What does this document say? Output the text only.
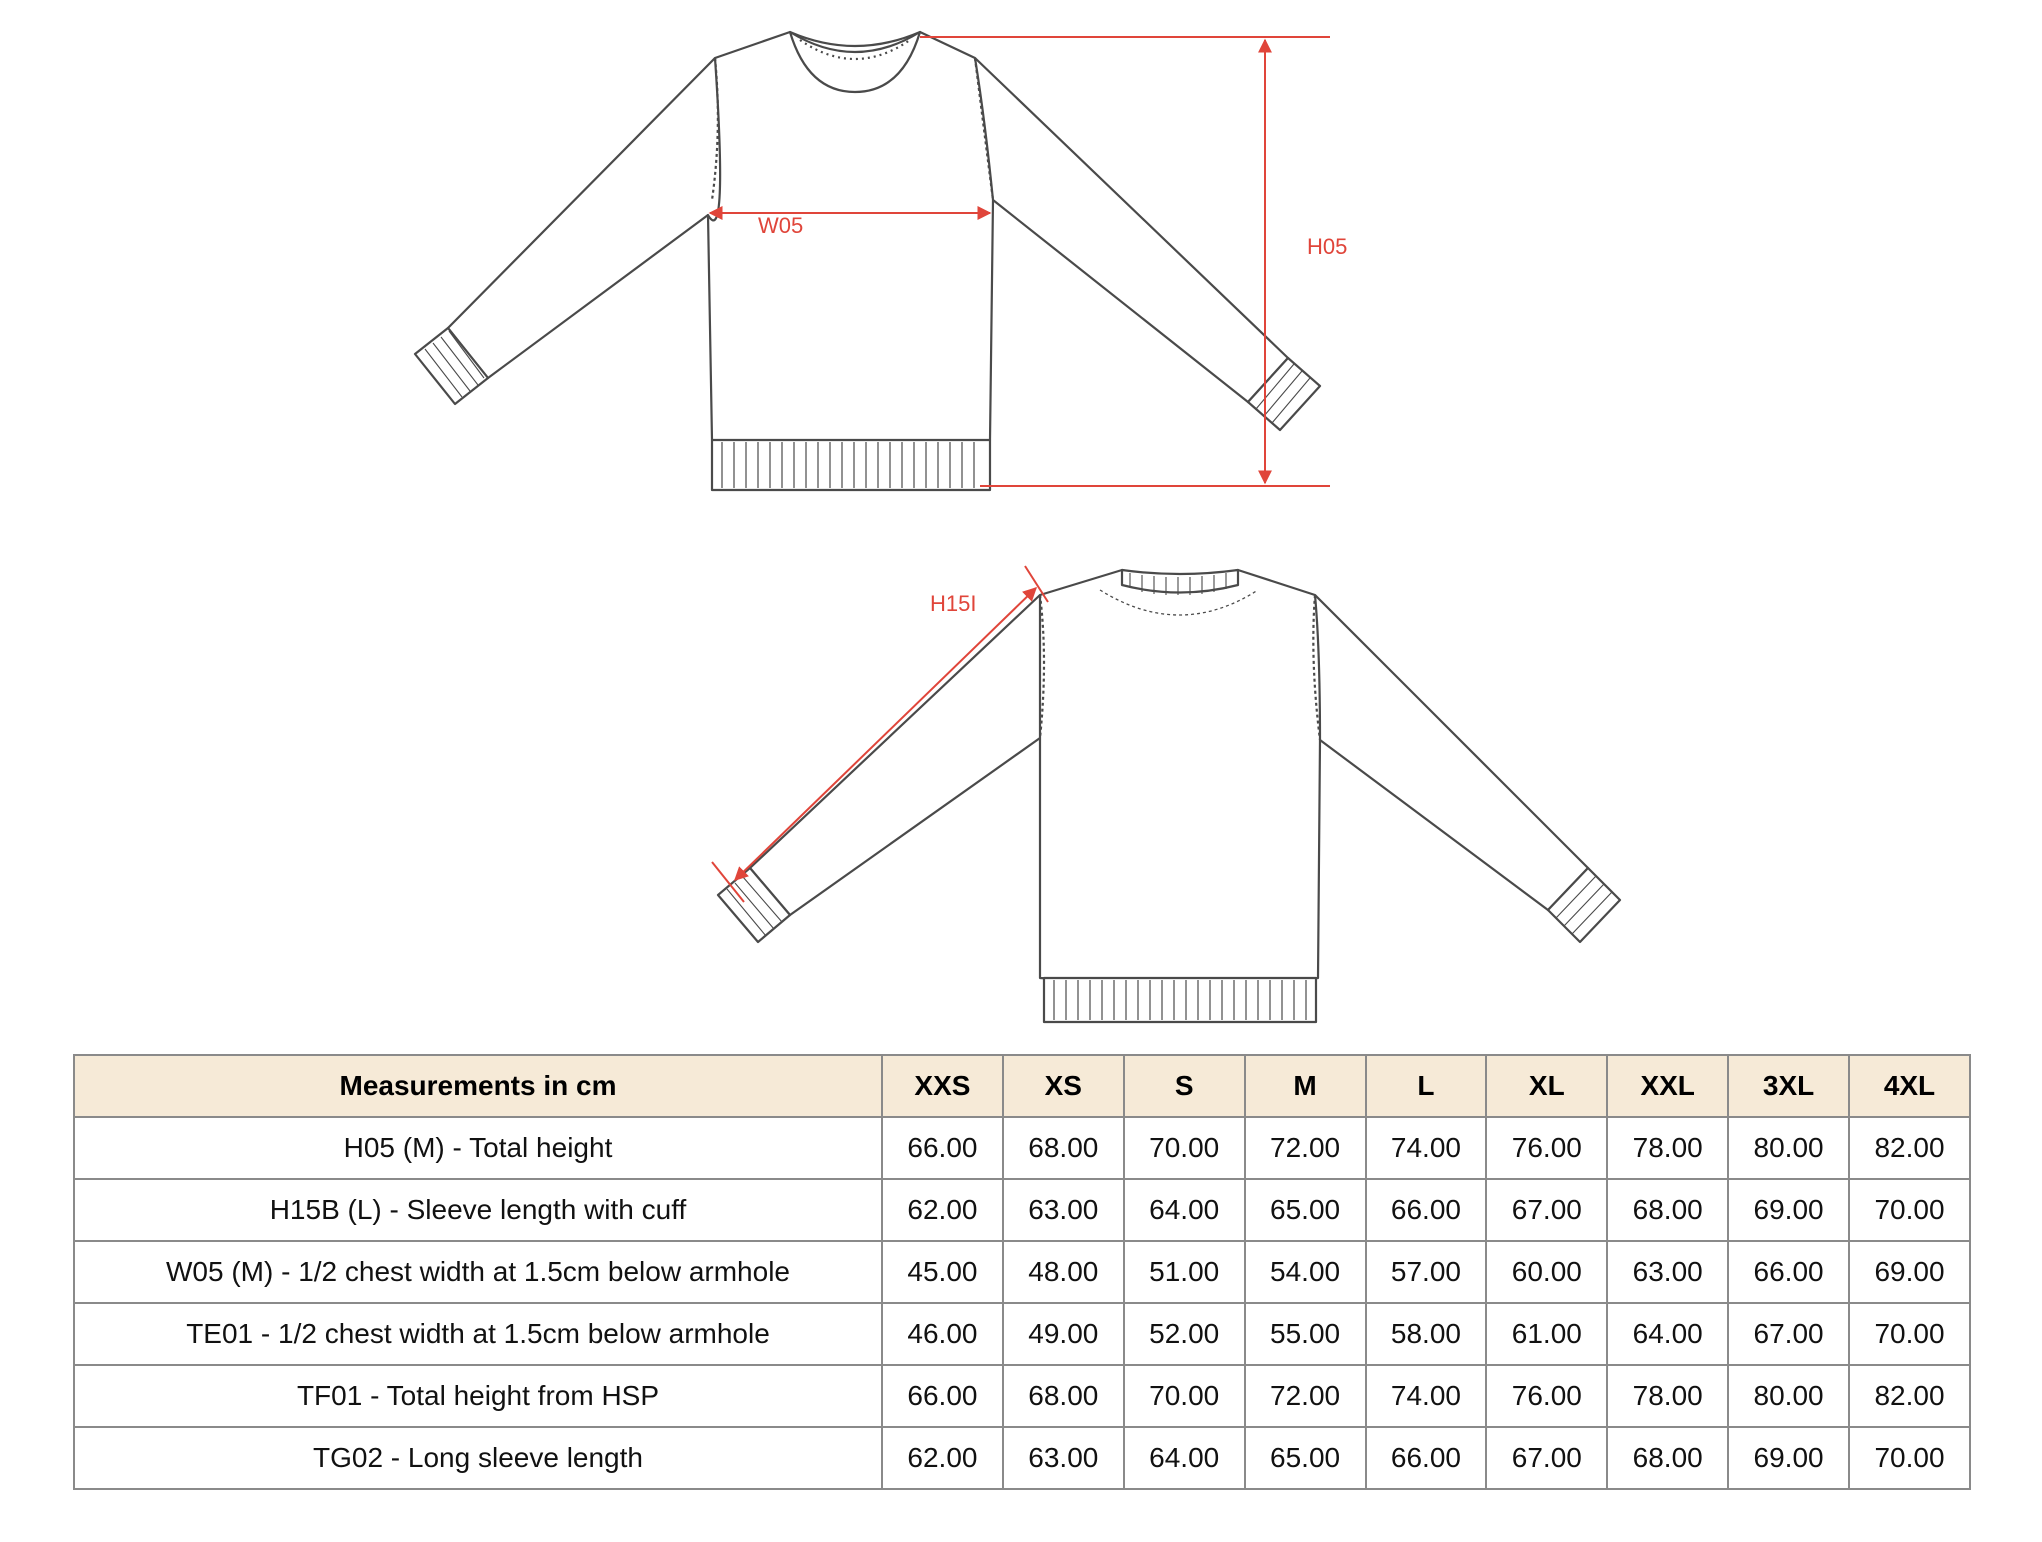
W05
H05
H15I
Measurements in cm	XXS	XS	S	M	L	XL	XXL	3XL	4XL
H05 (M) - Total height	66.00	68.00	70.00	72.00	74.00	76.00	78.00	80.00	82.00
H15B (L) - Sleeve length with cuff	62.00	63.00	64.00	65.00	66.00	67.00	68.00	69.00	70.00
W05 (M) - 1/2 chest width at 1.5cm below armhole	45.00	48.00	51.00	54.00	57.00	60.00	63.00	66.00	69.00
TE01 - 1/2 chest width at 1.5cm below armhole	46.00	49.00	52.00	55.00	58.00	61.00	64.00	67.00	70.00
TF01 - Total height from HSP	66.00	68.00	70.00	72.00	74.00	76.00	78.00	80.00	82.00
TG02 - Long sleeve length	62.00	63.00	64.00	65.00	66.00	67.00	68.00	69.00	70.00
